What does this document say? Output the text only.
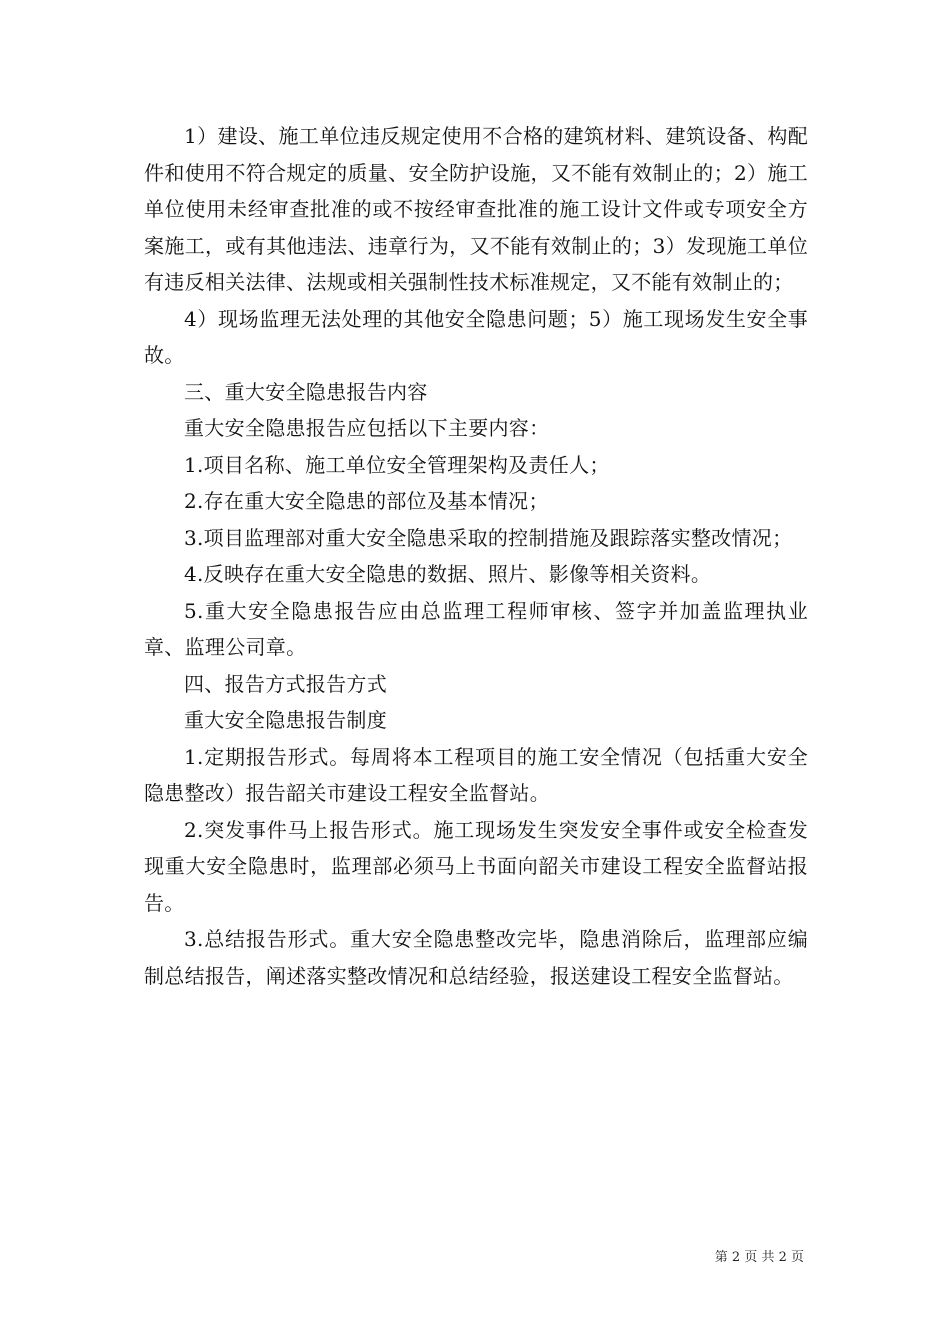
1）建设、施工单位违反规定使用不合格的建筑材料、建筑设备、构配件和使用不符合规定的质量、安全防护设施，又不能有效制止的；2）施工单位使用未经审查批准的或不按经审查批准的施工设计文件或专项安全方案施工，或有其他违法、违章行为，又不能有效制止的；3）发现施工单位有违反相关法律、法规或相关强制性技术标准规定，又不能有效制止的；

4）现场监理无法处理的其他安全隐患问题；5）施工现场发生安全事故。

三、重大安全隐患报告内容

重大安全隐患报告应包括以下主要内容：

1.项目名称、施工单位安全管理架构及责任人；

2.存在重大安全隐患的部位及基本情况；

3.项目监理部对重大安全隐患采取的控制措施及跟踪落实整改情况；

4.反映存在重大安全隐患的数据、照片、影像等相关资料。

5.重大安全隐患报告应由总监理工程师审核、签字并加盖监理执业章、监理公司章。

四、报告方式报告方式

重大安全隐患报告制度

1.定期报告形式。每周将本工程项目的施工安全情况（包括重大安全隐患整改）报告韶关市建设工程安全监督站。

2.突发事件马上报告形式。施工现场发生突发安全事件或安全检查发现重大安全隐患时，监理部必须马上书面向韶关市建设工程安全监督站报告。

3.总结报告形式。重大安全隐患整改完毕，隐患消除后，监理部应编制总结报告，阐述落实整改情况和总结经验，报送建设工程安全监督站。

第 2 页 共 2 页
